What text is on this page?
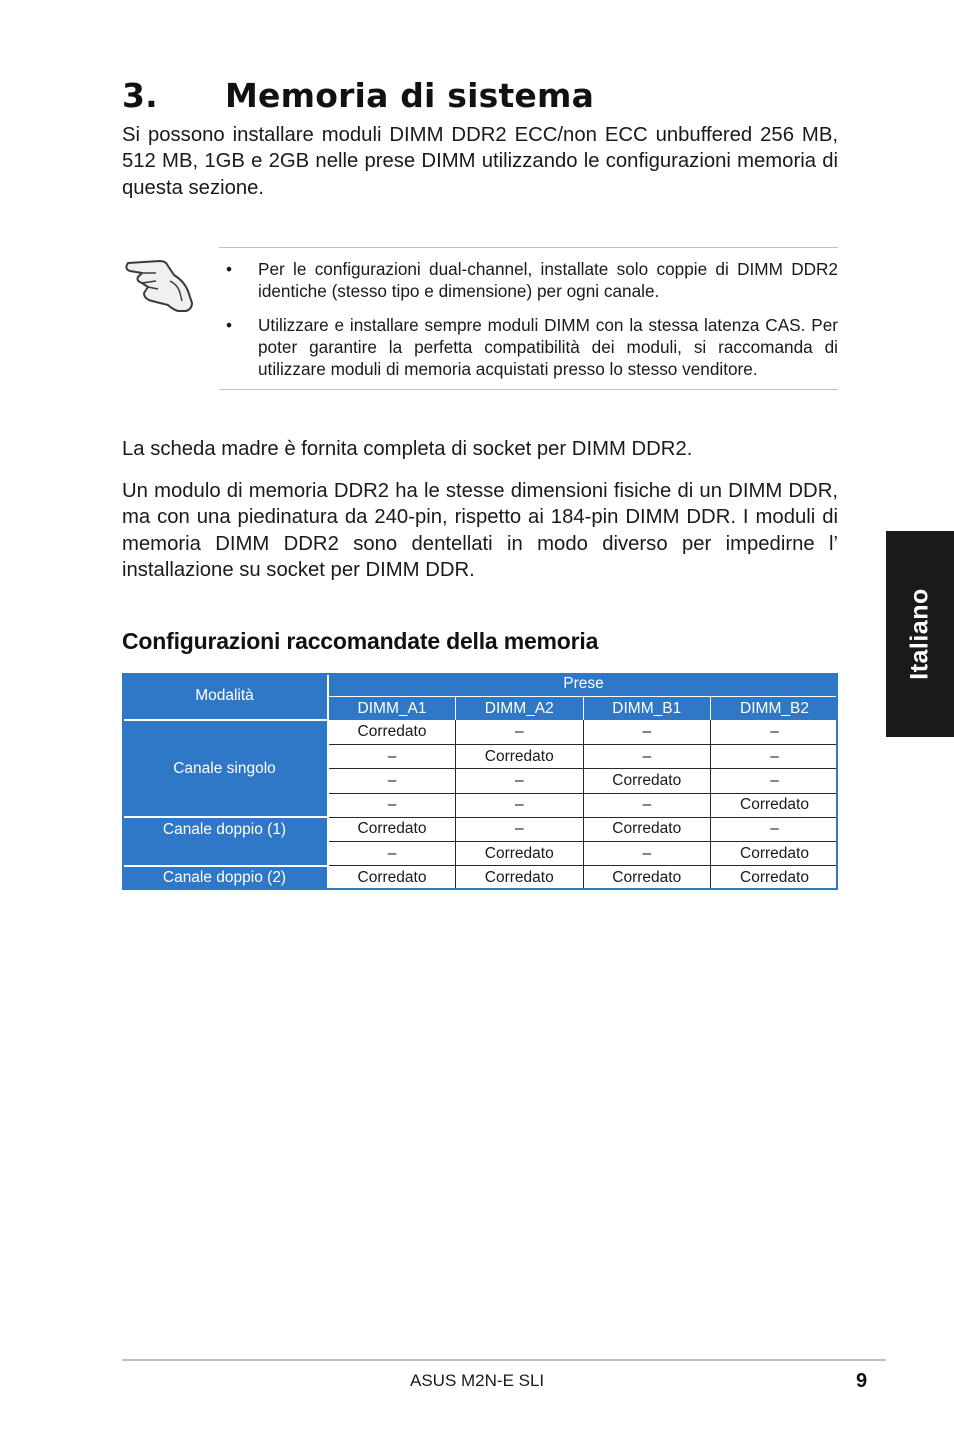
3. Memoria di sistema

Si possono installare moduli DIMM DDR2 ECC/non ECC unbuffered 256 MB, 512 MB, 1GB e 2GB nelle prese DIMM utilizzando le configurazioni memoria di questa sezione.

• Per le configurazioni dual-channel, installate solo coppie di DIMM DDR2 identiche (stesso tipo e dimensione) per ogni canale.
• Utilizzare e installare sempre moduli DIMM con la stessa latenza CAS. Per poter garantire la perfetta compatibilità dei moduli, si raccomanda di utilizzare moduli di memoria acquistati presso lo stesso venditore.

La scheda madre è fornita completa di socket per DIMM DDR2.

Un modulo di memoria DDR2 ha le stesse dimensioni fisiche di un DIMM DDR, ma con una piedinatura da 240-pin, rispetto ai 184-pin DIMM DDR. I moduli di memoria DIMM DDR2 sono dentellati in modo diverso per impedirne l’ installazione su socket per DIMM DDR.

Configurazioni raccomandate della memoria
Modalità	Prese			
	DIMM_A1	DIMM_A2	DIMM_B1	DIMM_B2
Canale singolo	Corredato	–	–	–
	–	Corredato	–	–
	–	–	Corredato	–
	–	–	–	Corredato
Canale doppio (1)	Corredato	–	Corredato	–
	–	Corredato	–	Corredato
Canale doppio (2)	Corredato	Corredato	Corredato	Corredato
Italiano
ASUS M2N-E SLI	9
